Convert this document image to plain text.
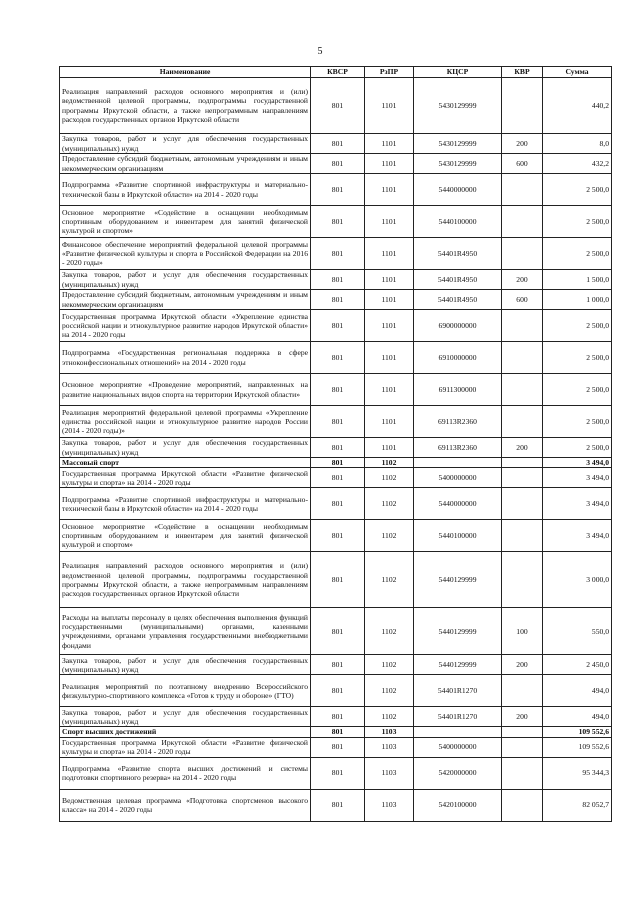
5
Наименование	КВСР	РзПР	КЦСР	КВР	Сумма
Реализация направлений расходов основного мероприятия и (или) ведомственной целевой программы, подпрограммы государственной программы Иркутской области, а также непрограммным направлениям расходов государственных органов Иркутской области	801	1101	5430129999		440,2
Закупка товаров, работ и услуг для обеспечения государственных (муниципальных) нужд	801	1101	5430129999	200	8,0
Предоставление субсидий бюджетным, автономным учреждениям и иным некоммерческим организациям	801	1101	5430129999	600	432,2
Подпрограмма «Развитие спортивной инфраструктуры и материально- технической базы в Иркутской области» на 2014 - 2020 годы	801	1101	5440000000		2 500,0
Основное мероприятие «Содействие в оснащении необходимым спортивным оборудованием и инвентарем для занятий физической культурой и спортом»	801	1101	5440100000		2 500,0
Финансовое обеспечение мероприятий федеральной целевой программы «Развитие физической культуры и спорта в Российской Федерации на 2016 - 2020 годы»	801	1101	54401R4950		2 500,0
Закупка товаров, работ и услуг для обеспечения государственных (муниципальных) нужд	801	1101	54401R4950	200	1 500,0
Предоставление субсидий бюджетным, автономным учреждениям и иным некоммерческим организациям	801	1101	54401R4950	600	1 000,0
Государственная программа Иркутской области «Укрепление единства российской нации и этнокультурное развитие народов Иркутской области» на 2014 - 2020 годы	801	1101	6900000000		2 500,0
Подпрограмма «Государственная региональная поддержка в сфере этноконфессиональных отношений» на 2014 - 2020 годы	801	1101	6910000000		2 500,0
Основное мероприятие «Проведение мероприятий, направленных на развитие национальных видов спорта на территории Иркутской области»	801	1101	6911300000		2 500,0
Реализация мероприятий федеральной целевой программы «Укрепление единства российской нации и этнокультурное развитие народов России (2014 - 2020 годы)»	801	1101	69113R2360		2 500,0
Закупка товаров, работ и услуг для обеспечения государственных (муниципальных) нужд	801	1101	69113R2360	200	2 500,0
Массовый спорт	801	1102			3 494,0
Государственная программа Иркутской области «Развитие физической культуры и спорта» на 2014 - 2020 годы	801	1102	5400000000		3 494,0
Подпрограмма «Развитие спортивной инфраструктуры и материально- технической базы в Иркутской области» на 2014 - 2020 годы	801	1102	5440000000		3 494,0
Основное мероприятие «Содействие в оснащении необходимым спортивным оборудованием и инвентарем для занятий физической культурой и спортом»	801	1102	5440100000		3 494,0
Реализация направлений расходов основного мероприятия и (или) ведомственной целевой программы, подпрограммы государственной программы Иркутской области, а также непрограммным направлениям расходов государственных органов Иркутской области	801	1102	5440129999		3 000,0
Расходы на выплаты персоналу в целях обеспечения выполнения функций государственными (муниципальными) органами, казенными учреждениями, органами управления государственными внебюджетными фондами	801	1102	5440129999	100	550,0
Закупка товаров, работ и услуг для обеспечения государственных (муниципальных) нужд	801	1102	5440129999	200	2 450,0
Реализация мероприятий по поэтапному внедрению Всероссийского физкультурно-спортивного комплекса «Готов к труду и обороне» (ГТО)	801	1102	54401R1270		494,0
Закупка товаров, работ и услуг для обеспечения государственных (муниципальных) нужд	801	1102	54401R1270	200	494,0
Спорт высших достижений	801	1103			109 552,6
Государственная программа Иркутской области «Развитие физической культуры и спорта» на 2014 - 2020 годы	801	1103	5400000000		109 552,6
Подпрограмма «Развитие спорта высших достижений и системы подготовки спортивного резерва» на 2014 - 2020 годы	801	1103	5420000000		95 344,3
Ведомственная целевая программа «Подготовка спортсменов высокого класса» на 2014 - 2020 годы	801	1103	5420100000		82 052,7
